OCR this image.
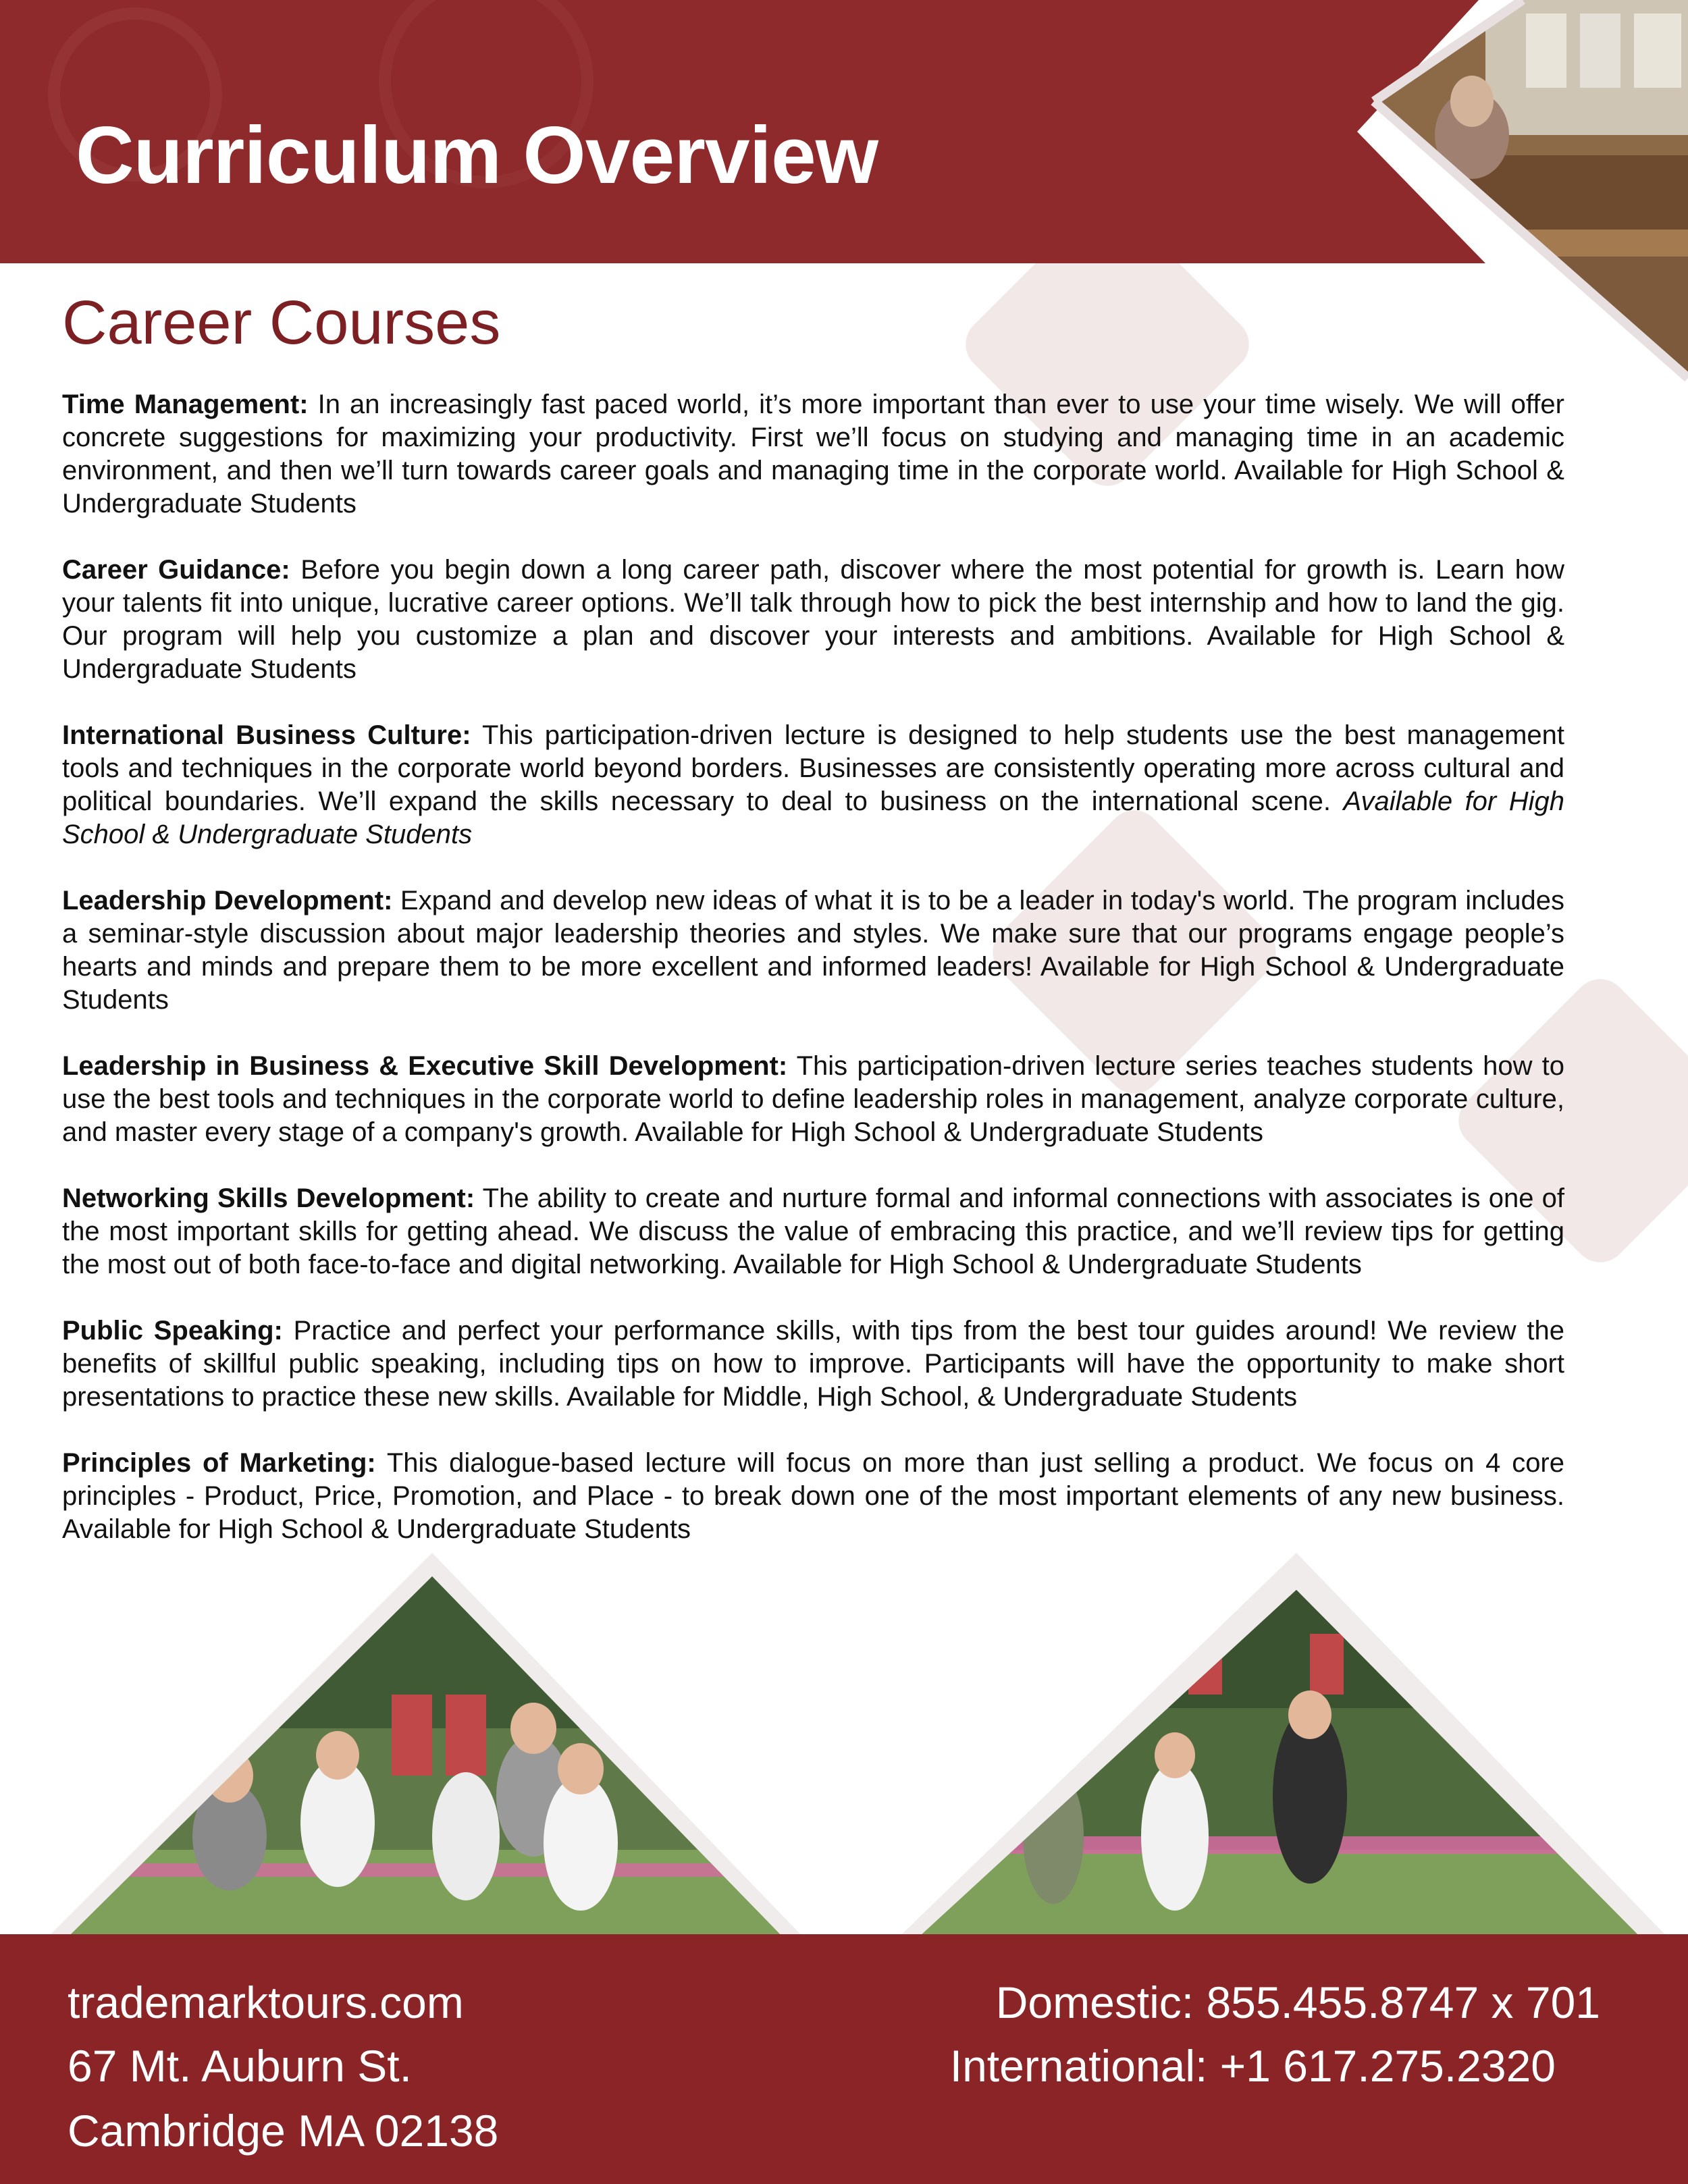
Curriculum Overview
Career Courses

Time Management: In an increasingly fast paced world, it’s more important than ever to use your time wisely. We will offer concrete suggestions for maximizing your productivity. First we’ll focus on studying and managing time in an academic environment, and then we’ll turn towards career goals and managing time in the corporate world. Available for High School & Undergraduate Students

Career Guidance: Before you begin down a long career path, discover where the most potential for growth is. Learn how your talents fit into unique, lucrative career options. We’ll talk through how to pick the best internship and how to land the gig. Our program will help you customize a plan and discover your interests and ambitions. Available for High School & Undergraduate Students

International Business Culture: This participation-driven lecture is designed to help students use the best management tools and techniques in the corporate world beyond borders. Businesses are consistently operating more across cultural and political boundaries. We’ll expand the skills necessary to deal to business on the international scene. Available for High School & Undergraduate Students

Leadership Development: Expand and develop new ideas of what it is to be a leader in today's world. The program includes a seminar-style discussion about major leadership theories and styles. We make sure that our programs engage people’s hearts and minds and prepare them to be more excellent and informed leaders! Available for High School & Undergraduate Students

Leadership in Business & Executive Skill Development: This participation-driven lecture series teaches students how to use the best tools and techniques in the corporate world to define leadership roles in management, analyze corporate culture, and master every stage of a company's growth. Available for High School & Undergraduate Students

Networking Skills Development: The ability to create and nurture formal and informal connections with associates is one of the most important skills for getting ahead. We discuss the value of embracing this practice, and we’ll review tips for getting the most out of both face-to-face and digital networking. Available for High School & Undergraduate Students

Public Speaking: Practice and perfect your performance skills, with tips from the best tour guides around! We review the benefits of skillful public speaking, including tips on how to improve. Participants will have the opportunity to make short presentations to practice these new skills. Available for Middle, High School, & Undergraduate Students

Principles of Marketing: This dialogue-based lecture will focus on more than just selling a product. We focus on 4 core principles - Product, Price, Promotion, and Place - to break down one of the most important elements of any new business. Available for High School & Undergraduate Students

trademarktours.com
67 Mt. Auburn St.
Cambridge MA 02138
Domestic: 855.455.8747 x 701
International: +1 617.275.2320
